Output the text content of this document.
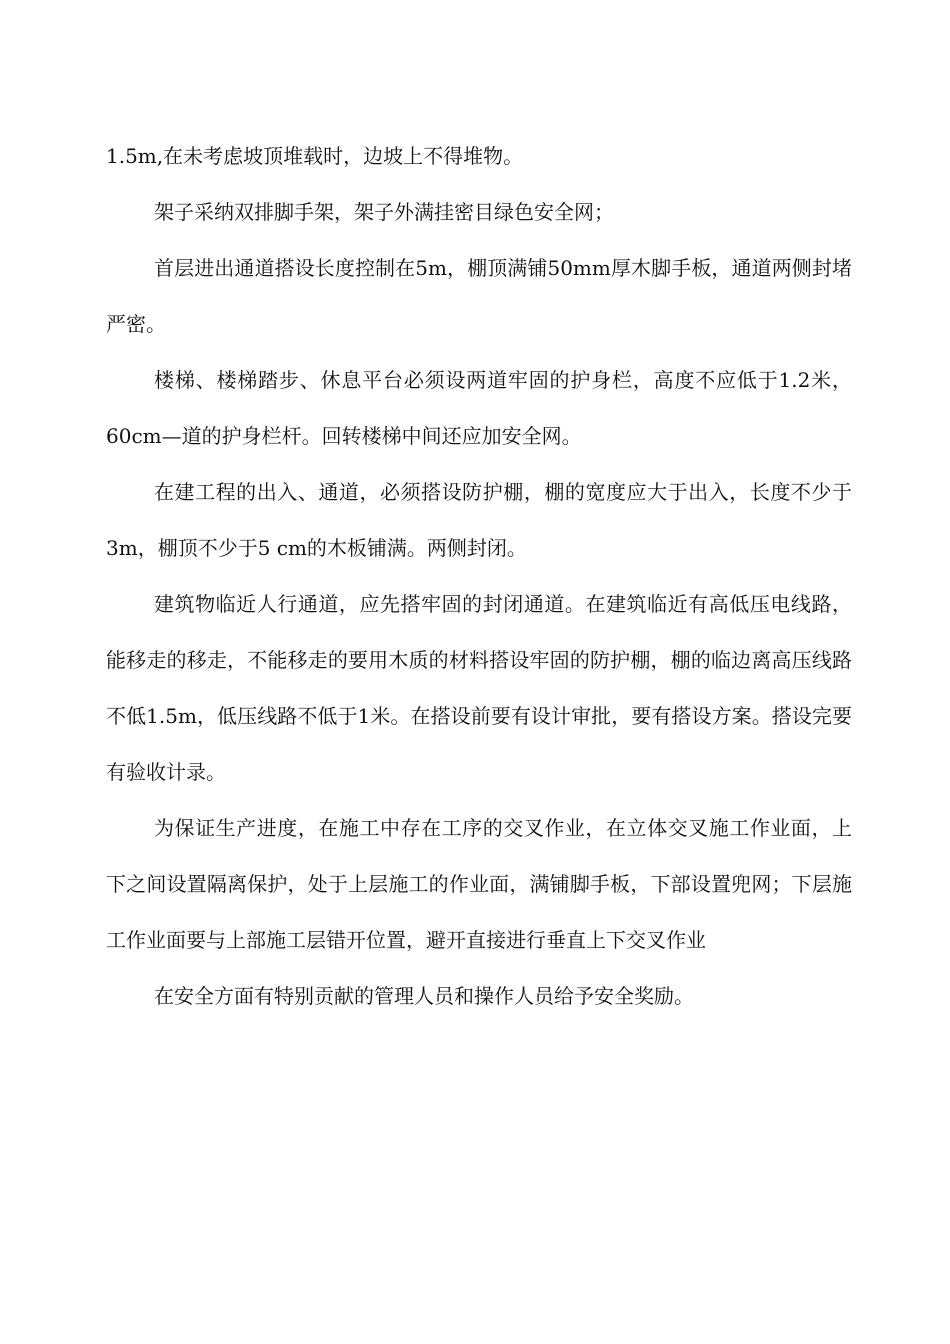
1.5m,在未考虑坡顶堆载时，边坡上不得堆物。

架子采纳双排脚手架，架子外满挂密目绿色安全网；

首层进出通道搭设长度控制在5m，棚顶满铺50mm厚木脚手板，通道两侧封堵严密。

楼梯、楼梯踏步、休息平台必须设两道牢固的护身栏，高度不应低于1.2米，60cm—道的护身栏杆。回转楼梯中间还应加安全网。

在建工程的出入、通道，必须搭设防护棚，棚的宽度应大于出入，长度不少于3m，棚顶不少于5 cm的木板铺满。两侧封闭。

建筑物临近人行通道，应先搭牢固的封闭通道。在建筑临近有高低压电线路，能移走的移走，不能移走的要用木质的材料搭设牢固的防护棚，棚的临边离高压线路不低1.5m，低压线路不低于1米。在搭设前要有设计审批，要有搭设方案。搭设完要有验收计录。

为保证生产进度，在施工中存在工序的交叉作业，在立体交叉施工作业面，上下之间设置隔离保护，处于上层施工的作业面，满铺脚手板，下部设置兜网；下层施工作业面要与上部施工层错开位置，避开直接进行垂直上下交叉作业

在安全方面有特别贡献的管理人员和操作人员给予安全奖励。
